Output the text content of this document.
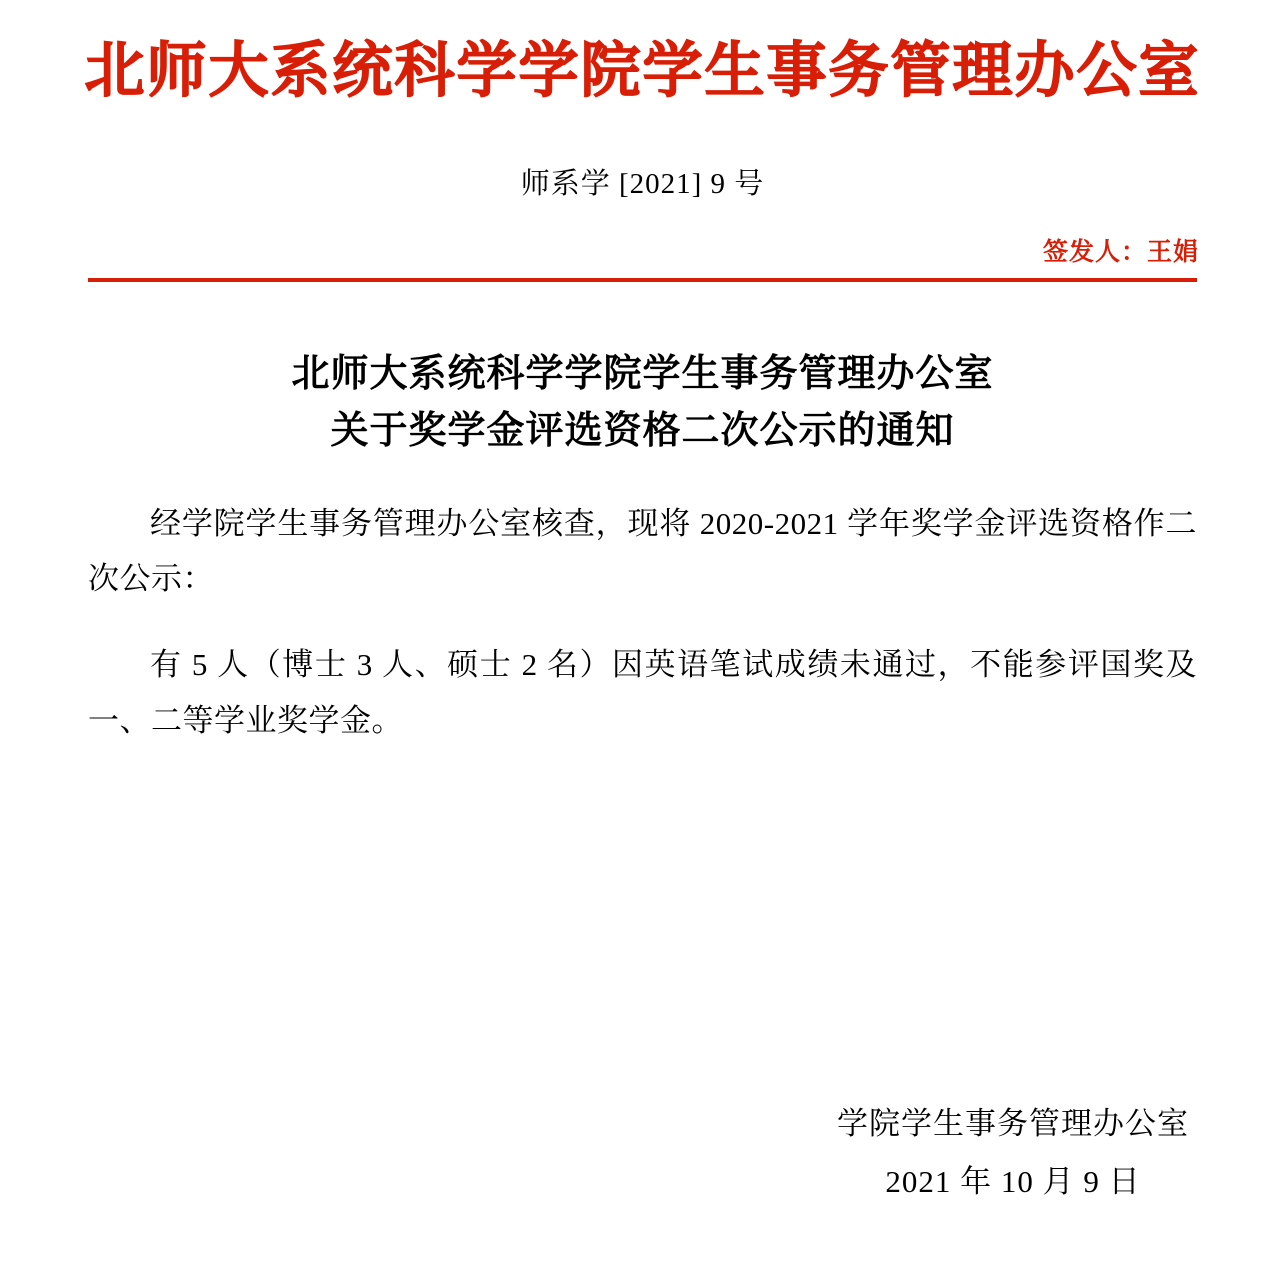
北师大系统科学学院学生事务管理办公室
师系学 [2021] 9 号
签发人：王娟
北师大系统科学学院学生事务管理办公室
关于奖学金评选资格二次公示的通知

经学院学生事务管理办公室核查，现将 2020-2021 学年奖学金评选资格作二次公示：

有 5 人（博士 3 人、硕士 2 名）因英语笔试成绩未通过，不能参评国奖及一、二等学业奖学金。

学院学生事务管理办公室
2021 年 10 月 9 日
